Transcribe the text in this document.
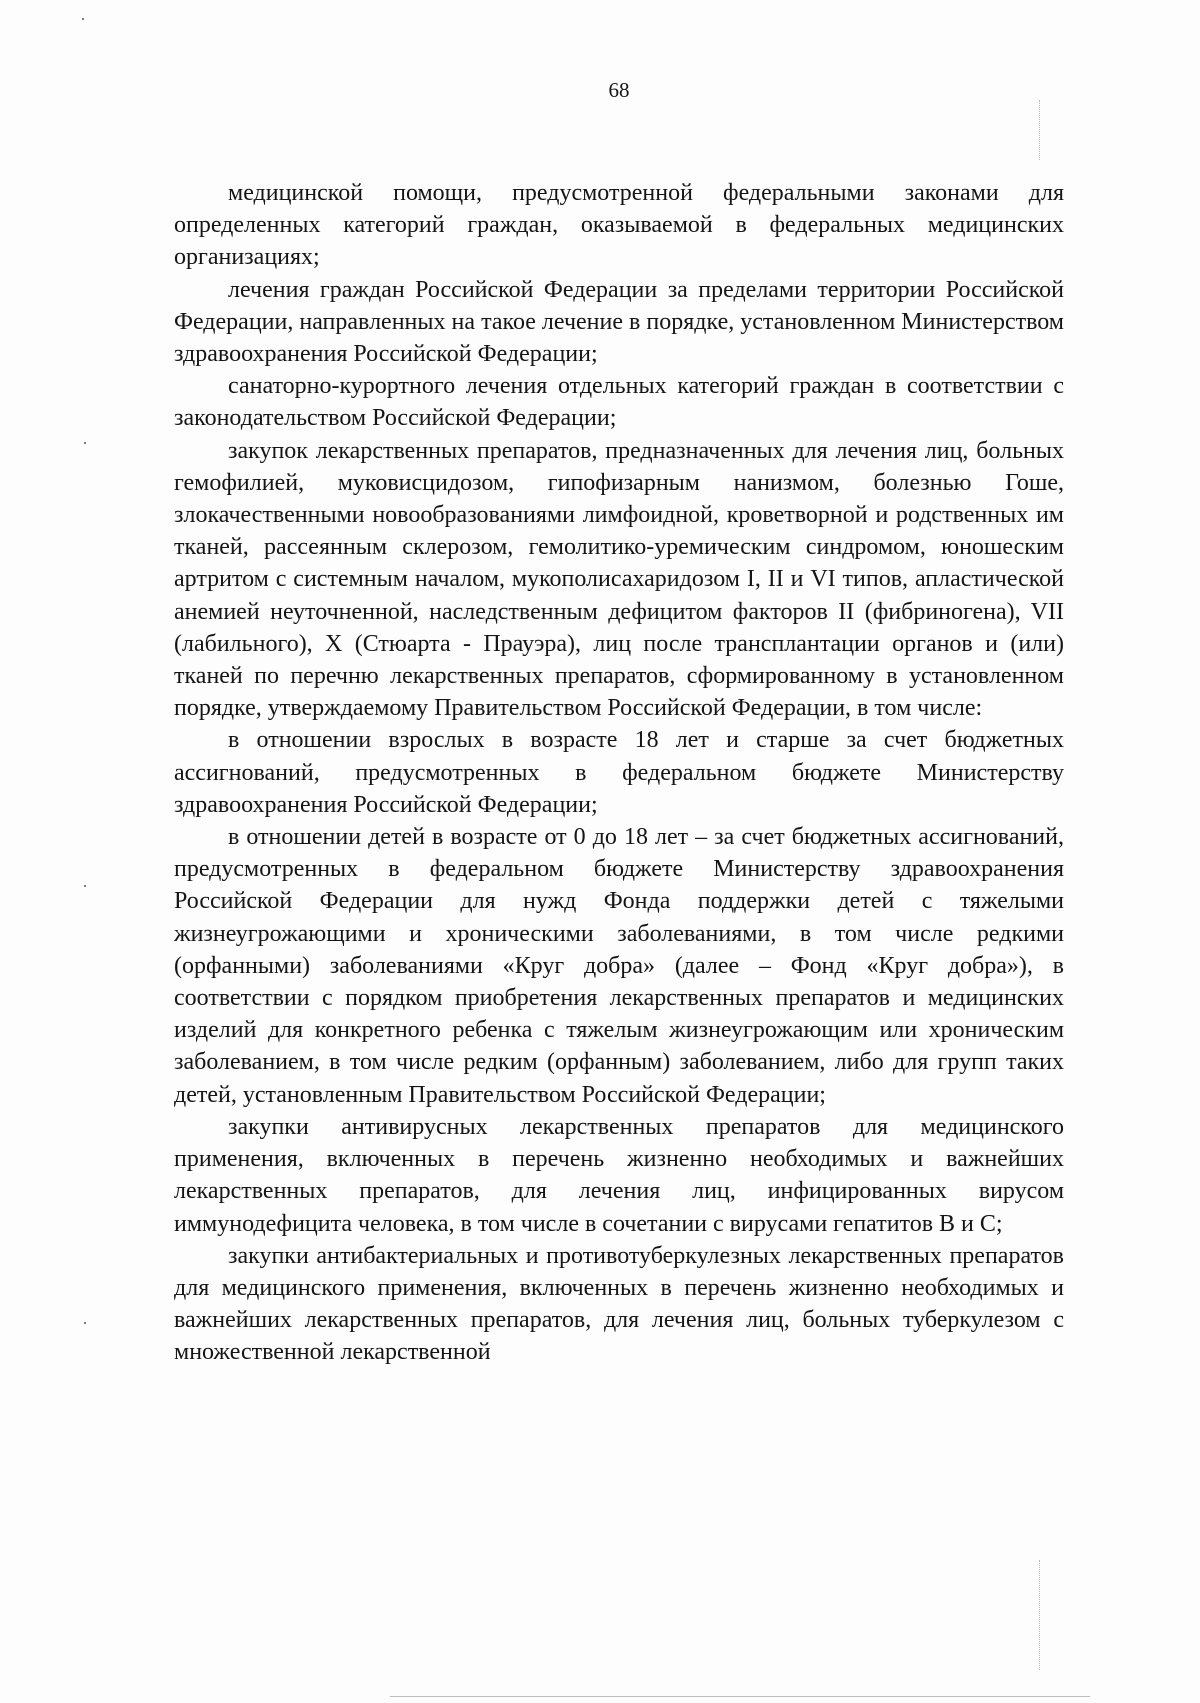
68

медицинской помощи, предусмотренной федеральными законами для определенных категорий граждан, оказываемой в федеральных медицинских организациях;

лечения граждан Российской Федерации за пределами территории Российской Федерации, направленных на такое лечение в порядке, установленном Министерством здравоохранения Российской Федерации;

санаторно-курортного лечения отдельных категорий граждан в соответствии с законодательством Российской Федерации;

закупок лекарственных препаратов, предназначенных для лечения лиц, больных гемофилией, муковисцидозом, гипофизарным нанизмом, болезнью Гоше, злокачественными новообразованиями лимфоидной, кроветворной и родственных им тканей, рассеянным склерозом, гемолитико-уремическим синдромом, юношеским артритом с системным началом, мукополисахаридозом I, II и VI типов, апластической анемией неуточненной, наследственным дефицитом факторов II (фибриногена), VII (лабильного), X (Стюарта - Прауэра), лиц после трансплантации органов и (или) тканей по перечню лекарственных препаратов, сформированному в установленном порядке, утверждаемому Правительством Российской Федерации, в том числе:

в отношении взрослых в возрасте 18 лет и старше за счет бюджетных ассигнований, предусмотренных в федеральном бюджете Министерству здравоохранения Российской Федерации;

в отношении детей в возрасте от 0 до 18 лет – за счет бюджетных ассигнований, предусмотренных в федеральном бюджете Министерству здравоохранения Российской Федерации для нужд Фонда поддержки детей с тяжелыми жизнеугрожающими и хроническими заболеваниями, в том числе редкими (орфанными) заболеваниями «Круг добра» (далее – Фонд «Круг добра»), в соответствии с порядком приобретения лекарственных препаратов и медицинских изделий для конкретного ребенка с тяжелым жизнеугрожающим или хроническим заболеванием, в том числе редким (орфанным) заболеванием, либо для групп таких детей, установленным Правительством Российской Федерации;

закупки антивирусных лекарственных препаратов для медицинского применения, включенных в перечень жизненно необходимых и важнейших лекарственных препаратов, для лечения лиц, инфицированных вирусом иммунодефицита человека, в том числе в сочетании с вирусами гепатитов B и C;

закупки антибактериальных и противотуберкулезных лекарственных препаратов для медицинского применения, включенных в перечень жизненно необходимых и важнейших лекарственных препаратов, для лечения лиц, больных туберкулезом с множественной лекарственной
